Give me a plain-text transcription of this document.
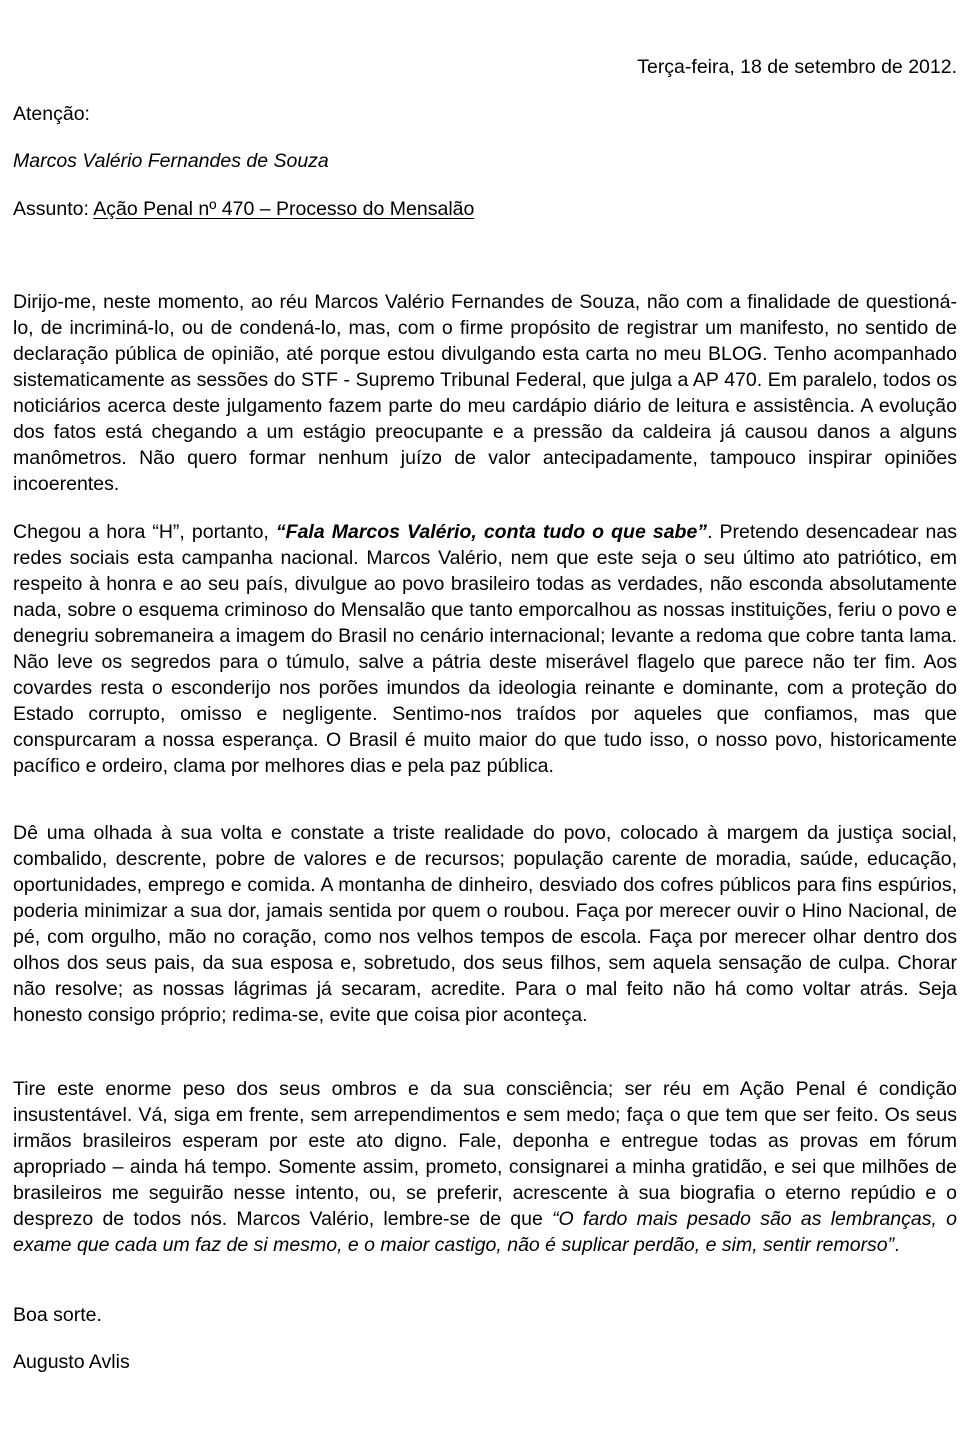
Terça-feira, 18 de setembro de 2012.

Atenção:

Marcos Valério Fernandes de Souza

Assunto: Ação Penal nº 470 – Processo do Mensalão

Dirijo-me, neste momento, ao réu Marcos Valério Fernandes de Souza, não com a finalidade de questioná-lo, de incriminá-lo, ou de condená-lo, mas, com o firme propósito de registrar um manifesto, no sentido de declaração pública de opinião, até porque estou divulgando esta carta no meu BLOG. Tenho acompanhado sistematicamente as sessões do STF - Supremo Tribunal Federal, que julga a AP 470. Em paralelo, todos os noticiários acerca deste julgamento fazem parte do meu cardápio diário de leitura e assistência. A evolução dos fatos está chegando a um estágio preocupante e a pressão da caldeira já causou danos a alguns manômetros. Não quero formar nenhum juízo de valor antecipadamente, tampouco inspirar opiniões incoerentes.

Chegou a hora “H”, portanto, “Fala Marcos Valério, conta tudo o que sabe”. Pretendo desencadear nas redes sociais esta campanha nacional. Marcos Valério, nem que este seja o seu último ato patriótico, em respeito à honra e ao seu país, divulgue ao povo brasileiro todas as verdades, não esconda absolutamente nada, sobre o esquema criminoso do Mensalão que tanto emporcalhou as nossas instituições, feriu o povo e denegriu sobremaneira a imagem do Brasil no cenário internacional; levante a redoma que cobre tanta lama. Não leve os segredos para o túmulo, salve a pátria deste miserável flagelo que parece não ter fim. Aos covardes resta o esconderijo nos porões imundos da ideologia reinante e dominante, com a proteção do Estado corrupto, omisso e negligente. Sentimo-nos traídos por aqueles que confiamos, mas que conspurcaram a nossa esperança. O Brasil é muito maior do que tudo isso, o nosso povo, historicamente pacífico e ordeiro, clama por melhores dias e pela paz pública.

Dê uma olhada à sua volta e constate a triste realidade do povo, colocado à margem da justiça social, combalido, descrente, pobre de valores e de recursos; população carente de moradia, saúde, educação, oportunidades, emprego e comida. A montanha de dinheiro, desviado dos cofres públicos para fins espúrios, poderia minimizar a sua dor, jamais sentida por quem o roubou. Faça por merecer ouvir o Hino Nacional, de pé, com orgulho, mão no coração, como nos velhos tempos de escola. Faça por merecer olhar dentro dos olhos dos seus pais, da sua esposa e, sobretudo, dos seus filhos, sem aquela sensação de culpa. Chorar não resolve; as nossas lágrimas já secaram, acredite. Para o mal feito não há como voltar atrás. Seja honesto consigo próprio; redima-se, evite que coisa pior aconteça.

Tire este enorme peso dos seus ombros e da sua consciência; ser réu em Ação Penal é condição insustentável. Vá, siga em frente, sem arrependimentos e sem medo; faça o que tem que ser feito. Os seus irmãos brasileiros esperam por este ato digno. Fale, deponha e entregue todas as provas em fórum apropriado – ainda há tempo. Somente assim, prometo, consignarei a minha gratidão, e sei que milhões de brasileiros me seguirão nesse intento, ou, se preferir, acrescente à sua biografia o eterno repúdio e o desprezo de todos nós. Marcos Valério, lembre-se de que “O fardo mais pesado são as lembranças, o exame que cada um faz de si mesmo, e o maior castigo, não é suplicar perdão, e sim, sentir remorso”.

Boa sorte.

Augusto Avlis
